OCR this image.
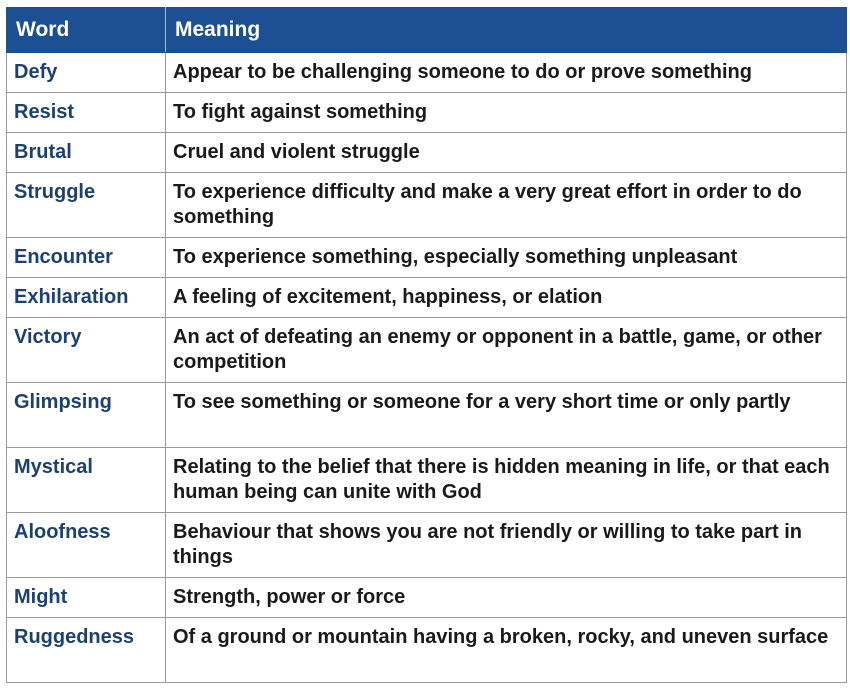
Word	Meaning
Defy	Appear to be challenging someone to do or prove something
Resist	To fight against something
Brutal	Cruel and violent struggle
Struggle	To experience difficulty and make a very great effort in order to do something
Encounter	To experience something, especially something unpleasant
Exhilaration	A feeling of excitement, happiness, or elation
Victory	An act of defeating an enemy or opponent in a battle, game, or other competition
Glimpsing	To see something or someone for a very short time or only partly
Mystical	Relating to the belief that there is hidden meaning in life, or that each human being can unite with God
Aloofness	Behaviour that shows you are not friendly or willing to take part in things
Might	Strength, power or force
Ruggedness	Of a ground or mountain having a broken, rocky, and uneven surface
